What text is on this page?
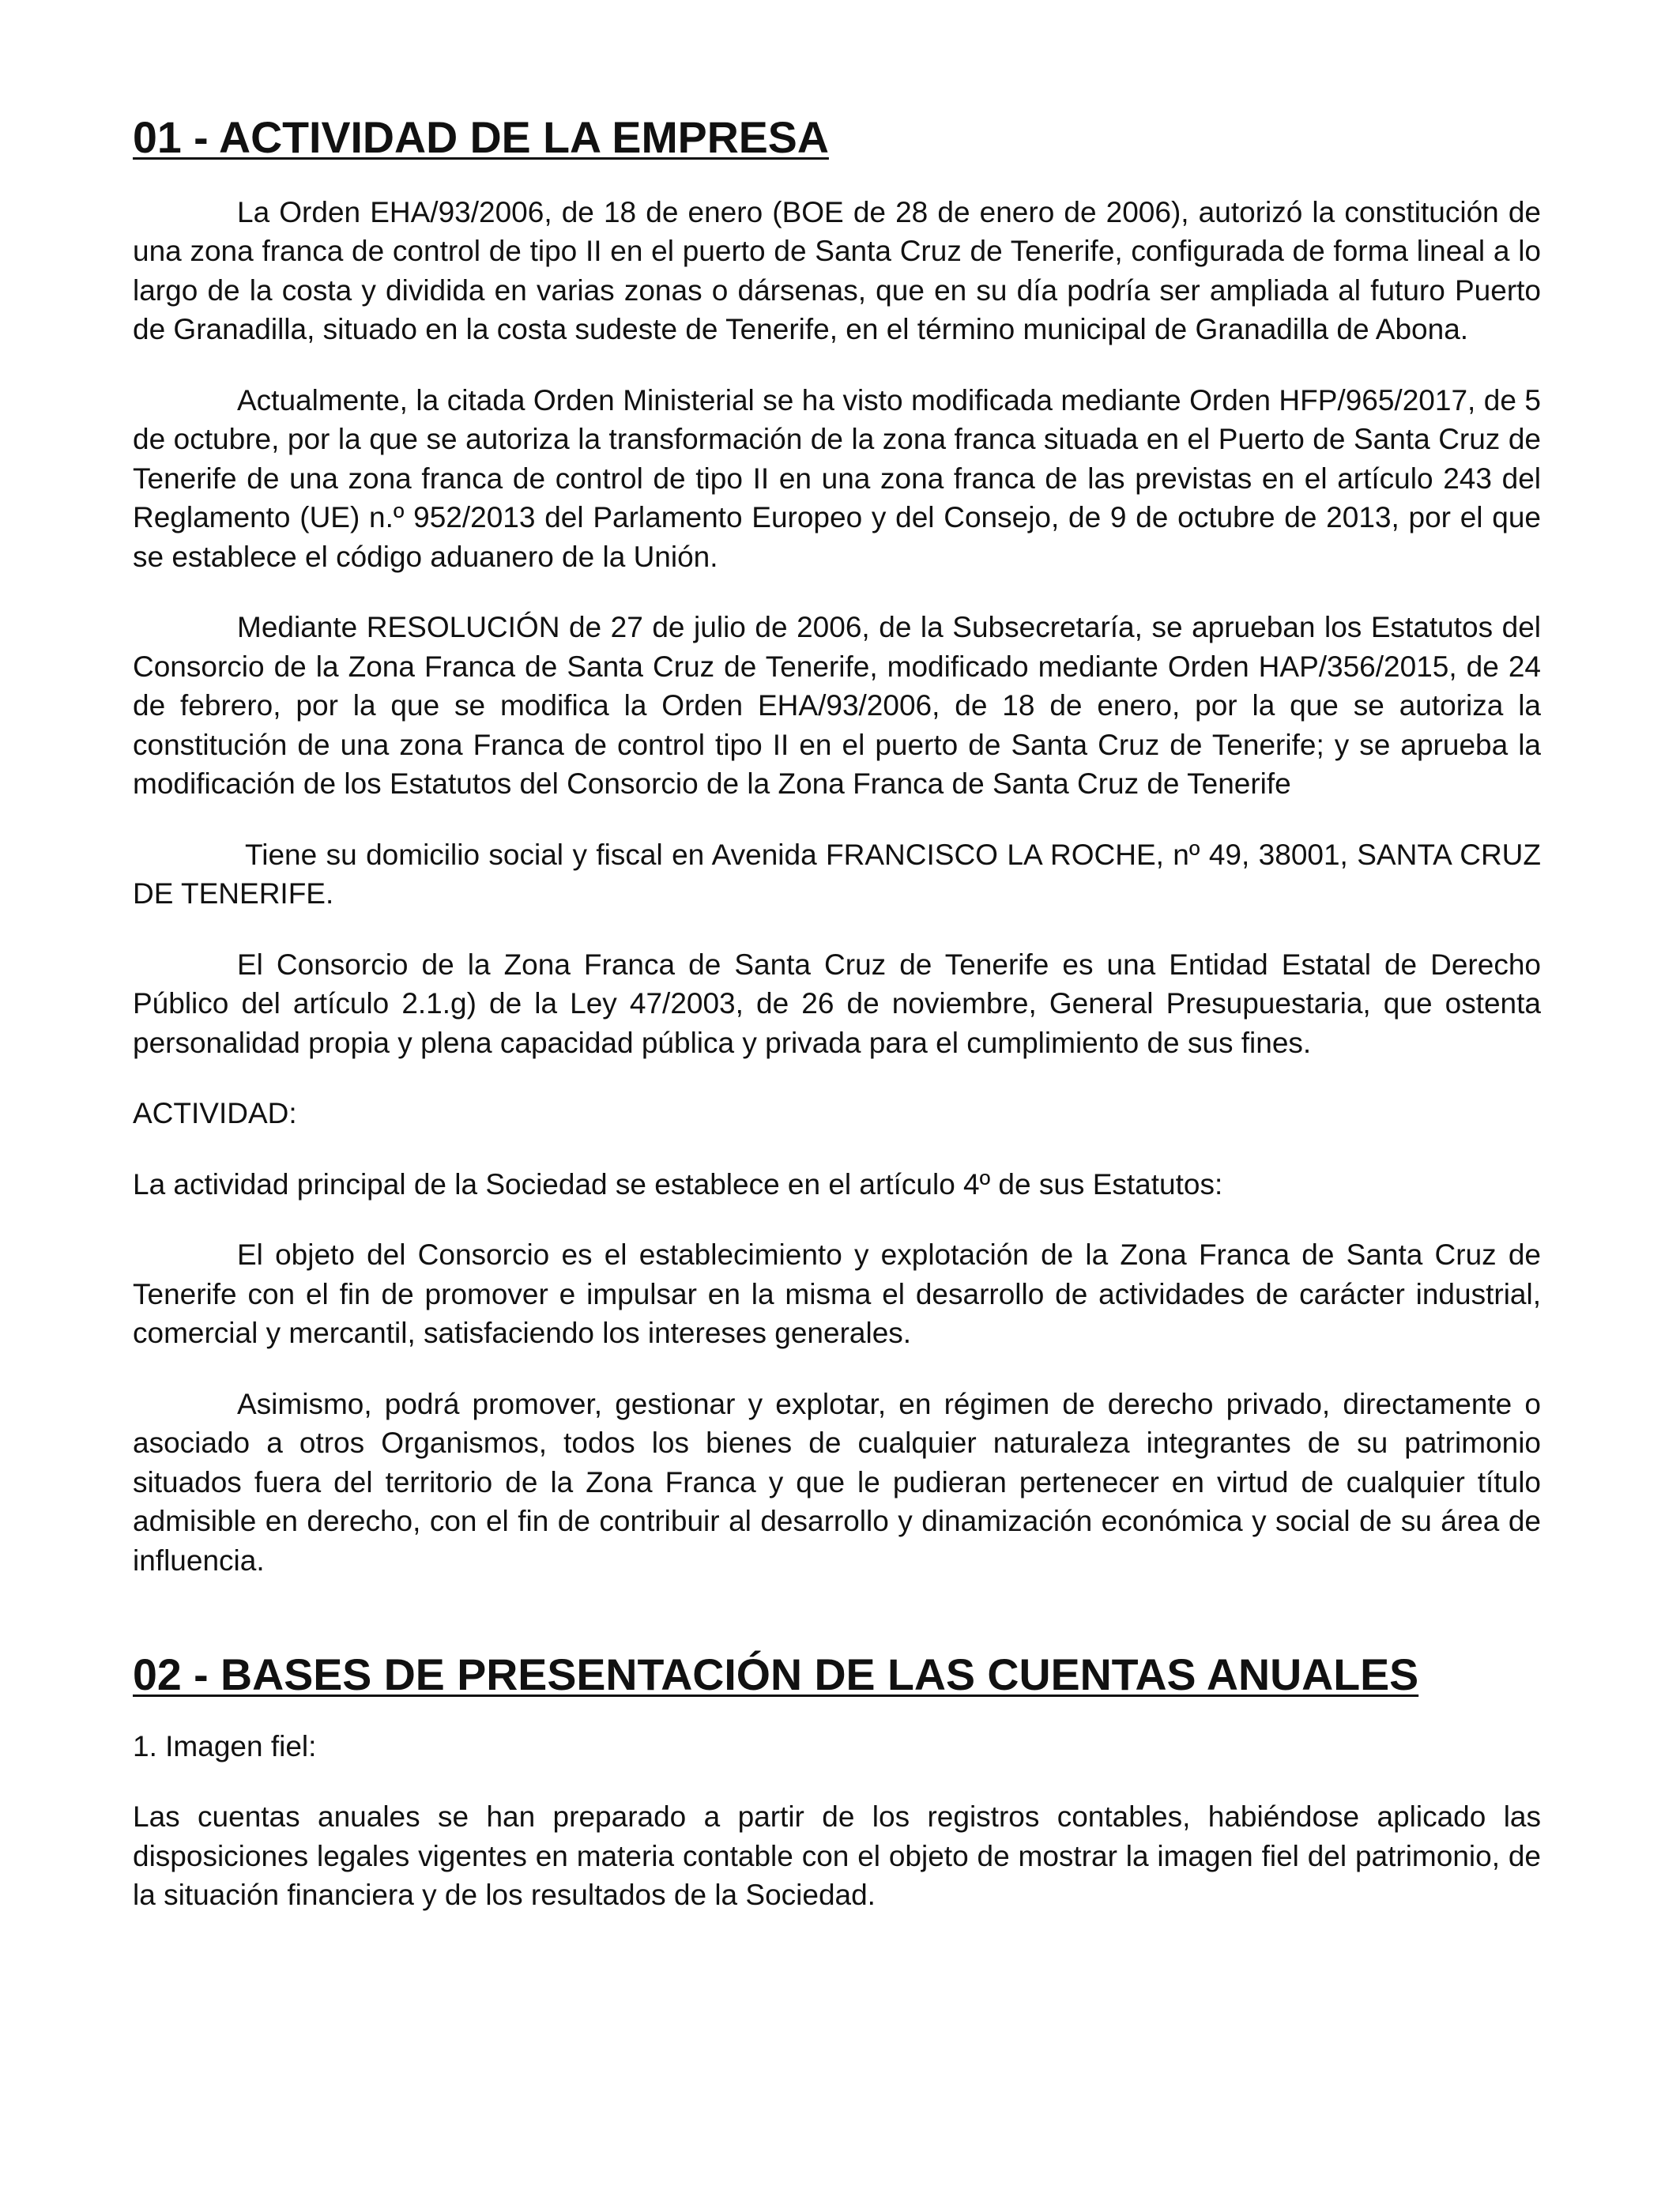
01 - ACTIVIDAD DE LA EMPRESA

La Orden EHA/93/2006, de 18 de enero (BOE de 28 de enero de 2006), autorizó la constitución de una zona franca de control de tipo II en el puerto de Santa Cruz de Tenerife, configurada de forma lineal a lo largo de la costa y dividida en varias zonas o dársenas, que en su día podría ser ampliada al futuro Puerto de Granadilla, situado en la costa sudeste de Tenerife, en el término municipal de Granadilla de Abona.

Actualmente, la citada Orden Ministerial se ha visto modificada mediante Orden HFP/965/2017, de 5 de octubre, por la que se autoriza la transformación de la zona franca situada en el Puerto de Santa Cruz de Tenerife de una zona franca de control de tipo II en una zona franca de las previstas en el artículo 243 del Reglamento (UE) n.º 952/2013 del Parlamento Europeo y del Consejo, de 9 de octubre de 2013, por el que se establece el código aduanero de la Unión.

Mediante RESOLUCIÓN de 27 de julio de 2006, de la Subsecretaría, se aprueban los Estatutos del Consorcio de la Zona Franca de Santa Cruz de Tenerife, modificado mediante Orden HAP/356/2015, de 24 de febrero, por la que se modifica la Orden EHA/93/2006, de 18 de enero, por la que se autoriza la constitución de una zona Franca de control tipo II en el puerto de Santa Cruz de Tenerife; y se aprueba la modificación de los Estatutos del Consorcio de la Zona Franca de Santa Cruz de Tenerife

Tiene su domicilio social y fiscal en Avenida FRANCISCO LA ROCHE, nº 49, 38001, SANTA CRUZ DE TENERIFE.

El Consorcio de la Zona Franca de Santa Cruz de Tenerife es una Entidad Estatal de Derecho Público del artículo 2.1.g) de la Ley 47/2003, de 26 de noviembre, General Presupuestaria, que ostenta personalidad propia y plena capacidad pública y privada para el cumplimiento de sus fines.

ACTIVIDAD:

La actividad principal de la Sociedad se establece en el artículo 4º de sus Estatutos:

El objeto del Consorcio es el establecimiento y explotación de la Zona Franca de Santa Cruz de Tenerife con el fin de promover e impulsar en la misma el desarrollo de actividades de carácter industrial, comercial y mercantil, satisfaciendo los intereses generales.

Asimismo, podrá promover, gestionar y explotar, en régimen de derecho privado, directamente o asociado a otros Organismos, todos los bienes de cualquier naturaleza integrantes de su patrimonio situados fuera del territorio de la Zona Franca y que le pudieran pertenecer en virtud de cualquier título admisible en derecho, con el fin de contribuir al desarrollo y dinamización económica y social de su área de influencia.

02 - BASES DE PRESENTACIÓN DE LAS CUENTAS ANUALES

1. Imagen fiel:

Las cuentas anuales se han preparado a partir de los registros contables, habiéndose aplicado las disposiciones legales vigentes en materia contable con el objeto de mostrar la imagen fiel del patrimonio, de la situación financiera y de los resultados de la Sociedad.
